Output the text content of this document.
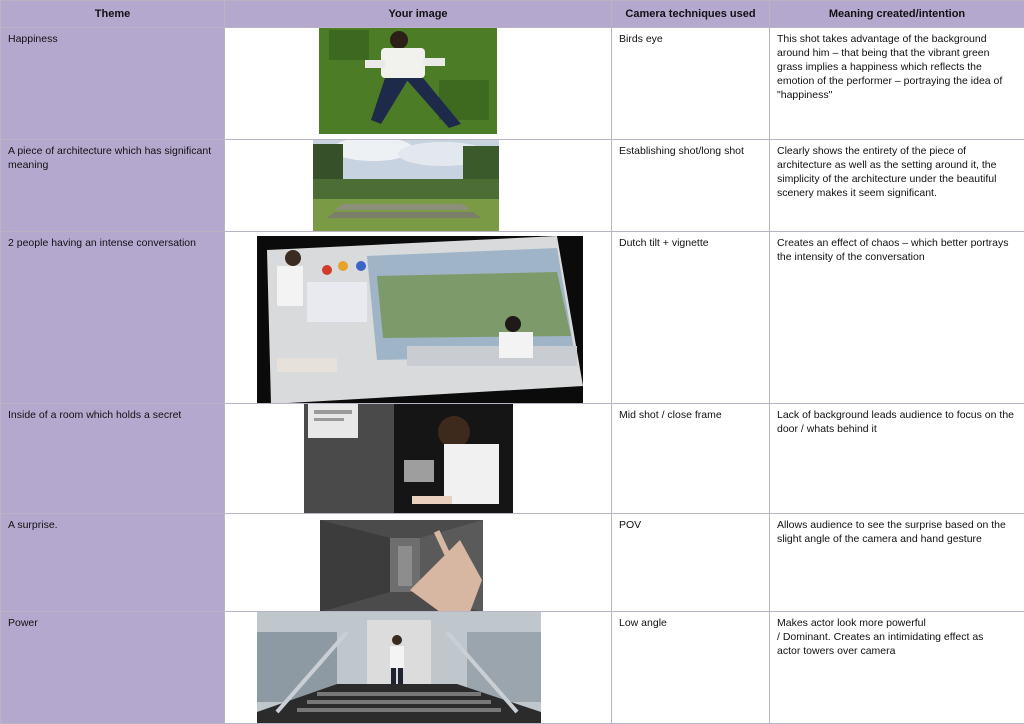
Theme	Your image	Camera techniques used	Meaning created/intention
Happiness		Birds eye	This shot takes advantage of the background around him – that being that the vibrant green grass implies a happiness which reflects the emotion of the performer – portraying the idea of "happiness"
A piece of architecture which has significant meaning		Establishing shot/long shot	Clearly shows the entirety of the piece of architecture as well as the setting around it, the simplicity of the architecture under the beautiful scenery makes it seem significant.
2 people having an intense conversation		Dutch tilt + vignette	Creates an effect of chaos – which better portrays the intensity of the conversation
Inside of a room which holds a secret		Mid shot / close frame	Lack of background leads audience to focus on the door / whats behind it
A surprise.		POV	Allows audience to see the surprise based on the slight angle of the camera and hand gesture
Power		Low angle	Makes actor look more powerful
/ Dominant. Creates an intimidating effect as
actor towers over camera
